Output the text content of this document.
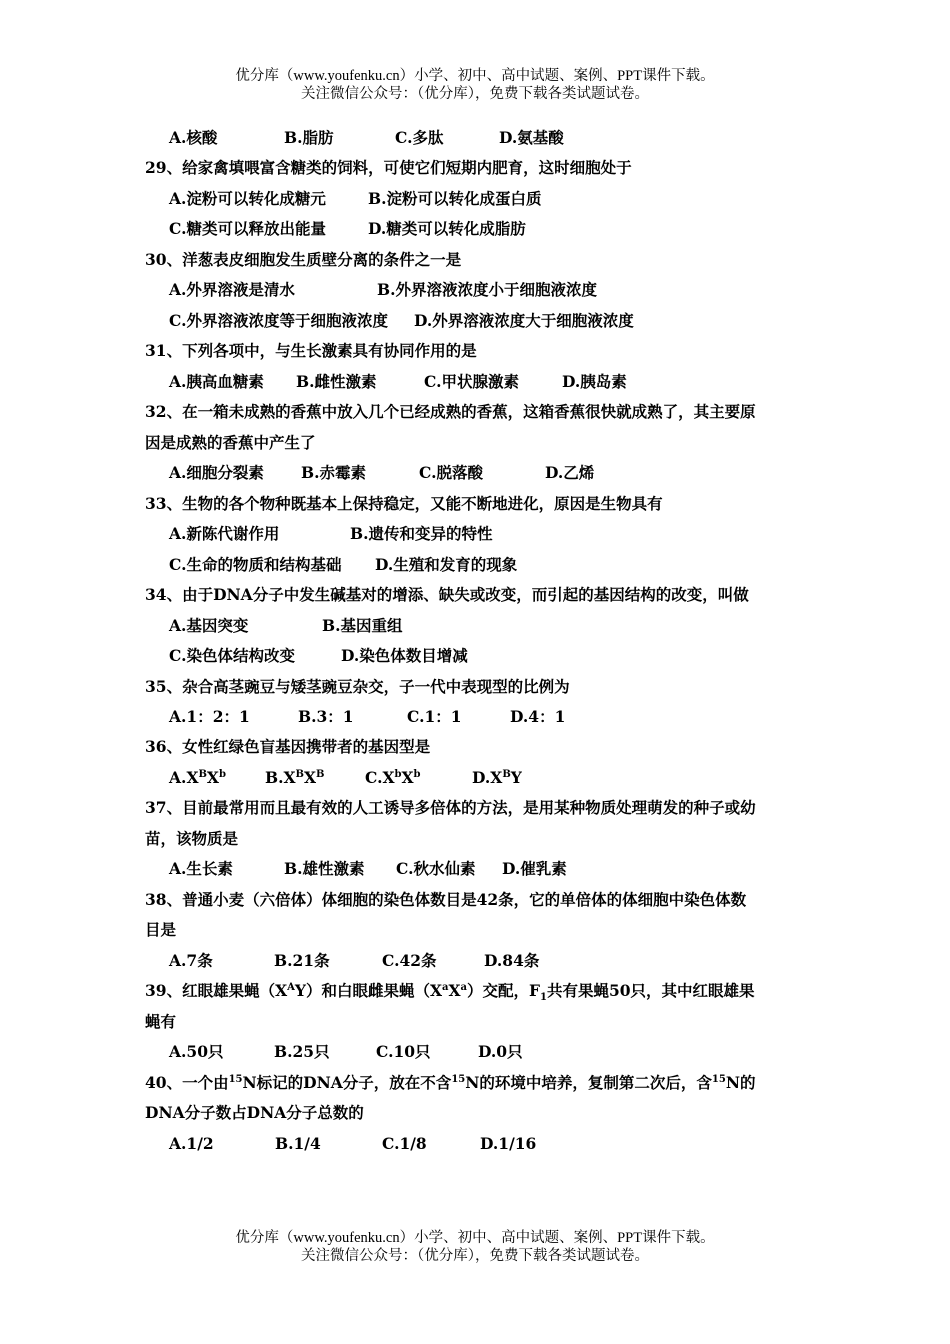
优分库（www.youfenku.cn）小学、初中、高中试题、案例、PPT课件下载。
关注微信公众号：（优分库），免费下载各类试题试卷。
A.核酸	B.脂肪	C.多肽	D.氨基酸
29、给家禽填喂富含糖类的饲料，可使它们短期内肥育，这时细胞处于
A.淀粉可以转化成糖元	B.淀粉可以转化成蛋白质
C.糖类可以释放出能量	D.糖类可以转化成脂肪
30、洋葱表皮细胞发生质壁分离的条件之一是
A.外界溶液是清水	B.外界溶液浓度小于细胞液浓度
C.外界溶液浓度等于细胞液浓度 D.外界溶液浓度大于细胞液浓度
31、下列各项中，与生长激素具有协同作用的是
A.胰高血糖素 B.雌性激素	C.甲状腺激素	D.胰岛素
32、在一箱未成熟的香蕉中放入几个已经成熟的香蕉，这箱香蕉很快就成熟了，其主要原
因是成熟的香蕉中产生了
A.细胞分裂素 B.赤霉素	C.脱落酸	D.乙烯
33、生物的各个物种既基本上保持稳定，又能不断地进化，原因是生物具有
A.新陈代谢作用	B.遗传和变异的特性
C.生命的物质和结构基础 D.生殖和发育的现象
34、由于DNA分子中发生碱基对的增添、缺失或改变，而引起的基因结构的改变，叫做
A.基因突变	B.基因重组
C.染色体结构改变	D.染色体数目增减
35、杂合高茎豌豆与矮茎豌豆杂交，子一代中表现型的比例为
A.1：2：1	B.3：1	C.1：1	D.4：1
36、女性红绿色盲基因携带者的基因型是
$A.X^BX^b$	$B.X^BX^B$	$C.X^bX^b$	$D.X^BY$
37、目前最常用而且最有效的人工诱导多倍体的方法，是用某种物质处理萌发的种子或幼
苗，该物质是
A.生长素	B.雄性激素 C.秋水仙素 D.催乳素
38、普通小麦（六倍体）体细胞的染色体数目是42条，它的单倍体的体细胞中染色体数
目是
A.7条	B.21条	C.42条	D.84条
39、红眼雄果蝇$(X^AY)$和白眼雌果蝇$(X^aX^a)$交配，$F_1$共有果蝇50只，其中红眼雄果
蝇有
A.50只	B.25只	C.10只	D.0只
40、一个由$^{15}$N标记的DNA分子，放在不含$^{15}$N的环境中培养，复制第二次后，含$^{15}$N的
DNA分子数占DNA分子总数的
A.1/2	B.1/4	C.1/8	D.1/16
优分库（www.youfenku.cn）小学、初中、高中试题、案例、PPT课件下载。
关注微信公众号：（优分库），免费下载各类试题试卷。
